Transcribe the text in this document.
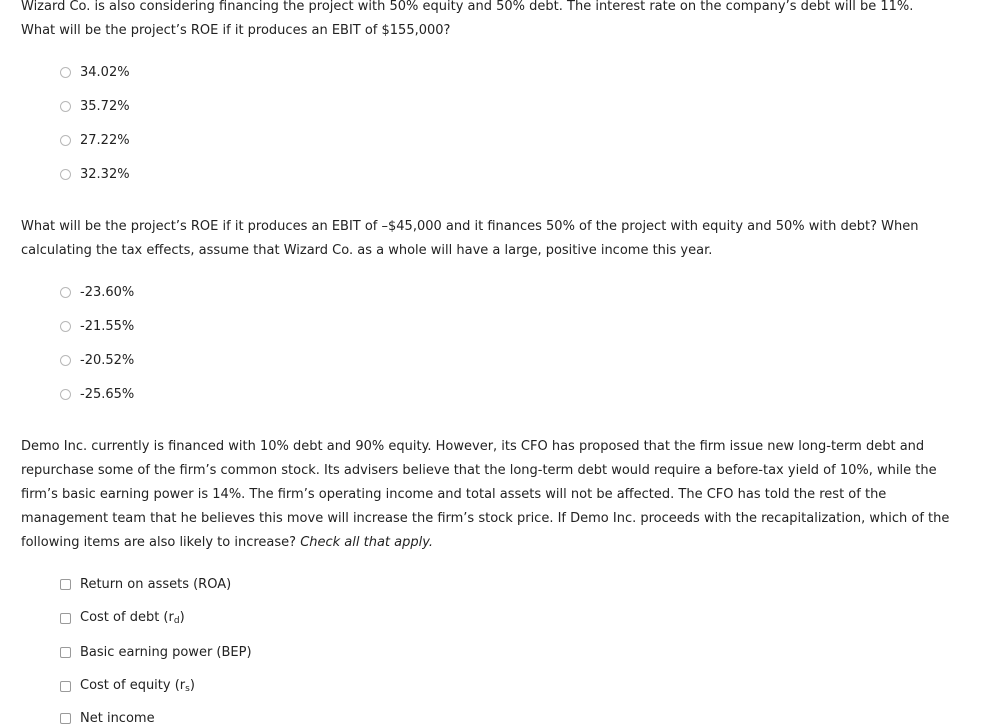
Wizard Co. is also considering financing the project with 50% equity and 50% debt. The interest rate on the company’s debt will be 11%. What will be the project’s ROE if it produces an EBIT of $155,000?

34.02%
35.72%
27.22%
32.32%

What will be the project’s ROE if it produces an EBIT of –$45,000 and it finances 50% of the project with equity and 50% with debt? When calculating the tax effects, assume that Wizard Co. as a whole will have a large, positive income this year.

-23.60%
-21.55%
-20.52%
-25.65%

Demo Inc. currently is financed with 10% debt and 90% equity. However, its CFO has proposed that the firm issue new long-term debt and repurchase some of the firm’s common stock. Its advisers believe that the long-term debt would require a before-tax yield of 10%, while the firm’s basic earning power is 14%. The firm’s operating income and total assets will not be affected. The CFO has told the rest of the management team that he believes this move will increase the firm’s stock price. If Demo Inc. proceeds with the recapitalization, which of the following items are also likely to increase? Check all that apply.

Return on assets (ROA)
Cost of debt $(r_d)$
Basic earning power (BEP)
Cost of equity $(r_s)$
Net income
